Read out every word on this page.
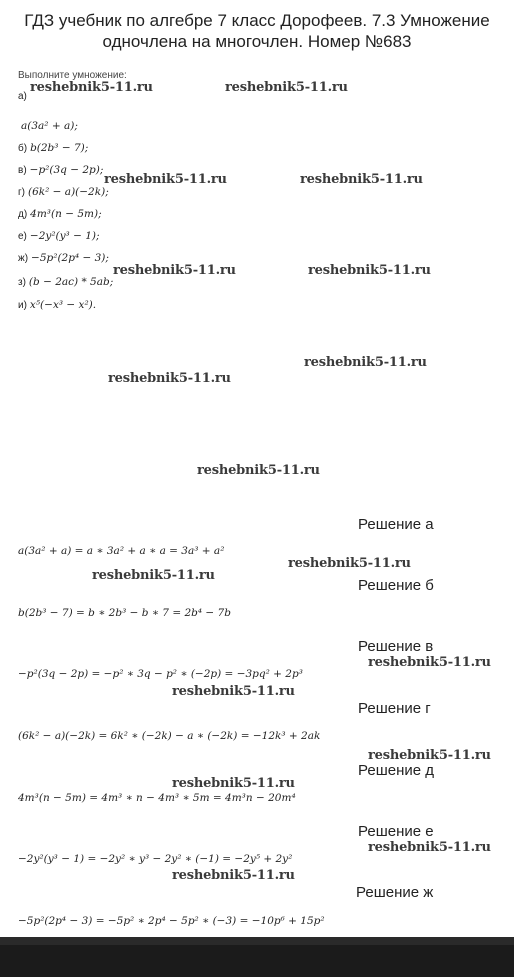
ГДЗ учебник по алгебре 7 класс Дорофеев. 7.3 Умножение одночлена на многочлен. Номер №683
Выполните умножение:
а)
a(3a² + a);
б) b(2b³ − 7);
в) −p²(3q − 2p);
г) (6k² − a)(−2k);
д) 4m³(n − 5m);
е) −2y²(y³ − 1);
ж) −5p²(2p⁴ − 3);
з) (b − 2ac) * 5ab;
и) x⁵(−x³ − x²).
Решение а
a(3a² + a) = a ∗ 3a² + a ∗ a = 3a³ + a²
Решение б
b(2b³ − 7) = b ∗ 2b³ − b ∗ 7 = 2b⁴ − 7b
Решение в
−p²(3q − 2p) = −p² ∗ 3q − p² ∗ (−2p) = −3pq² + 2p³
Решение г
(6k² − a)(−2k) = 6k² ∗ (−2k) − a ∗ (−2k) = −12k³ + 2ak
Решение д
4m³(n − 5m) = 4m³ ∗ n − 4m³ ∗ 5m = 4m³n − 20m⁴
Решение е
−2y²(y³ − 1) = −2y² ∗ y³ − 2y² ∗ (−1) = −2y⁵ + 2y²
Решение ж
−5p²(2p⁴ − 3) = −5p² ∗ 2p⁴ − 5p² ∗ (−3) = −10p⁶ + 15p²
reshebnik5-11.ru	reshebnik5-11.ru
reshebnik5-11.ru	reshebnik5-11.ru
reshebnik5-11.ru	reshebnik5-11.ru
reshebnik5-11.ru
reshebnik5-11.ru
reshebnik5-11.ru
reshebnik5-11.ru
reshebnik5-11.ru
reshebnik5-11.ru
reshebnik5-11.ru
reshebnik5-11.ru
reshebnik5-11.ru
reshebnik5-11.ru
reshebnik5-11.ru
